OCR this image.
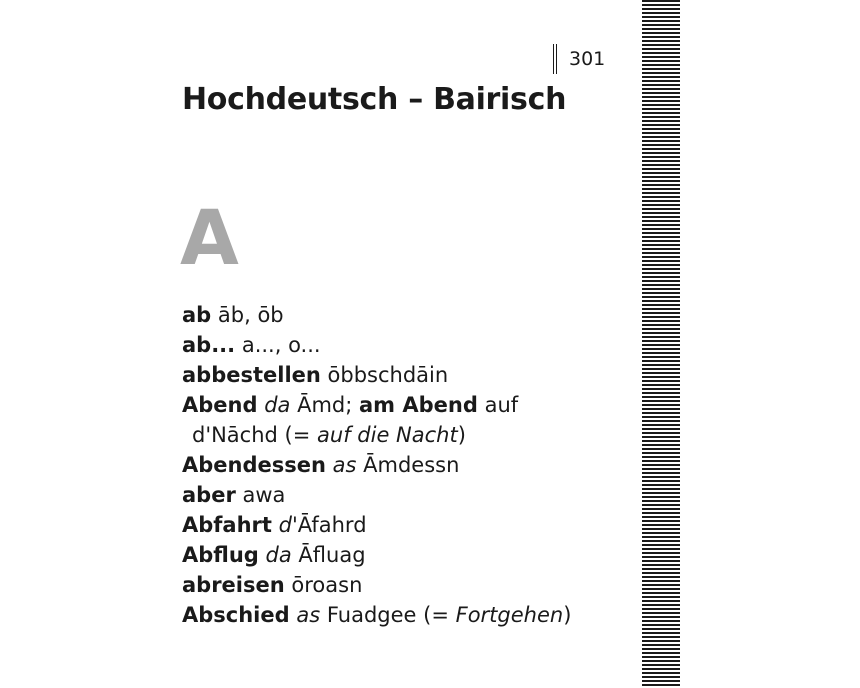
301
Hochdeutsch – Bairisch
A
ab āb, ōb
ab... a..., o...
abbestellen ōbbschdāin
Abend da Āmd; am Abend auf
d'Nāchd (= auf die Nacht)
Abendessen as Āmdessn
aber awa
Abfahrt d'Āfahrd
Abflug da Āfluag
abreisen ōroasn
Abschied as Fuadgee (= Fortgehen)
